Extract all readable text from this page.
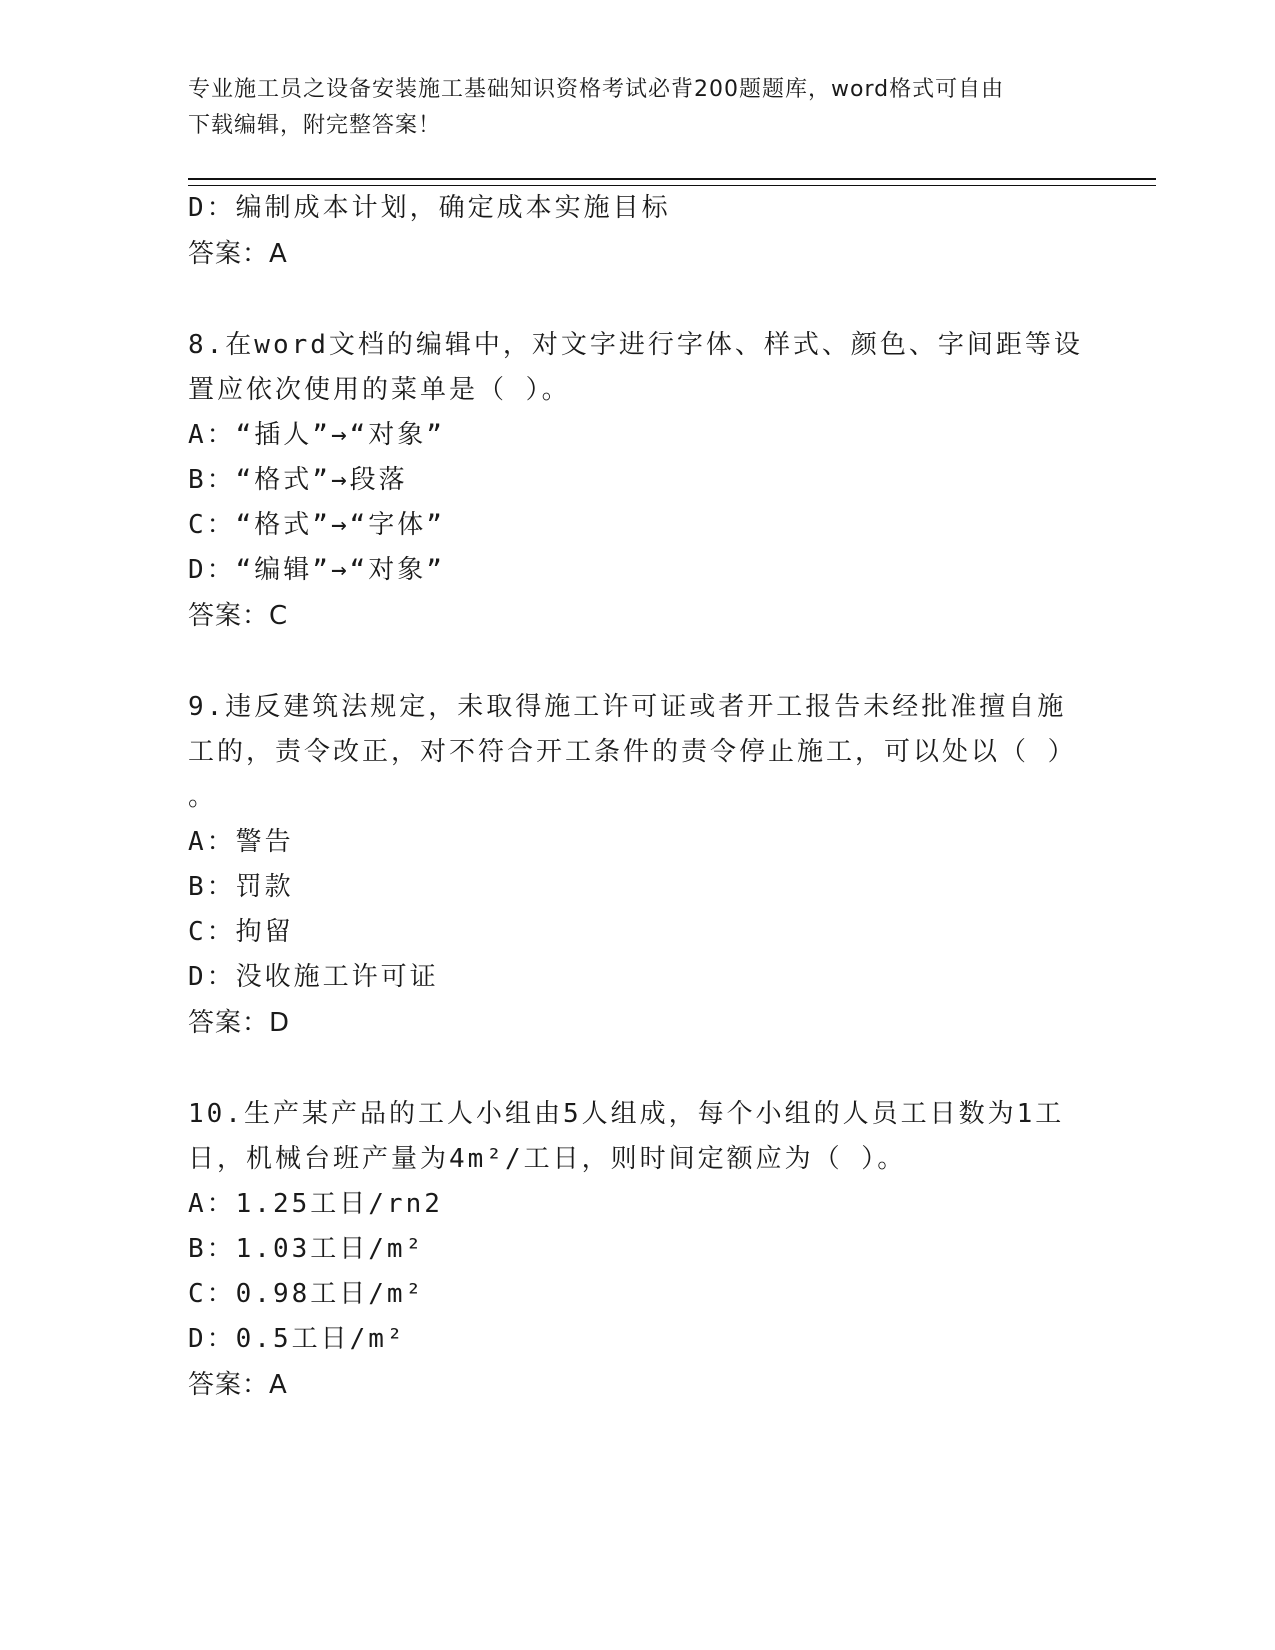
专业施工员之设备安装施工基础知识资格考试必背200题题库，word格式可自由
下载编辑，附完整答案！
D：编制成本计划，确定成本实施目标
答案：A
8.在word文档的编辑中，对文字进行字体、样式、颜色、字间距等设
置应依次使用的菜单是（ ）。
A：“插人”→“对象”
B：“格式”→段落
C：“格式”→“字体”
D：“编辑”→“对象”
答案：C
9.违反建筑法规定，未取得施工许可证或者开工报告未经批准擅自施
工的，责令改正，对不符合开工条件的责令停止施工，可以处以（ ）
。
A：警告
B：罚款
C：拘留
D：没收施工许可证
答案：D
10.生产某产品的工人小组由5人组成，每个小组的人员工日数为1工
日，机械台班产量为4m²/工日，则时间定额应为（ ）。
A：1.25工日/rn2
B：1.03工日/m²
C：0.98工日/m²
D：0.5工日/m²
答案：A
